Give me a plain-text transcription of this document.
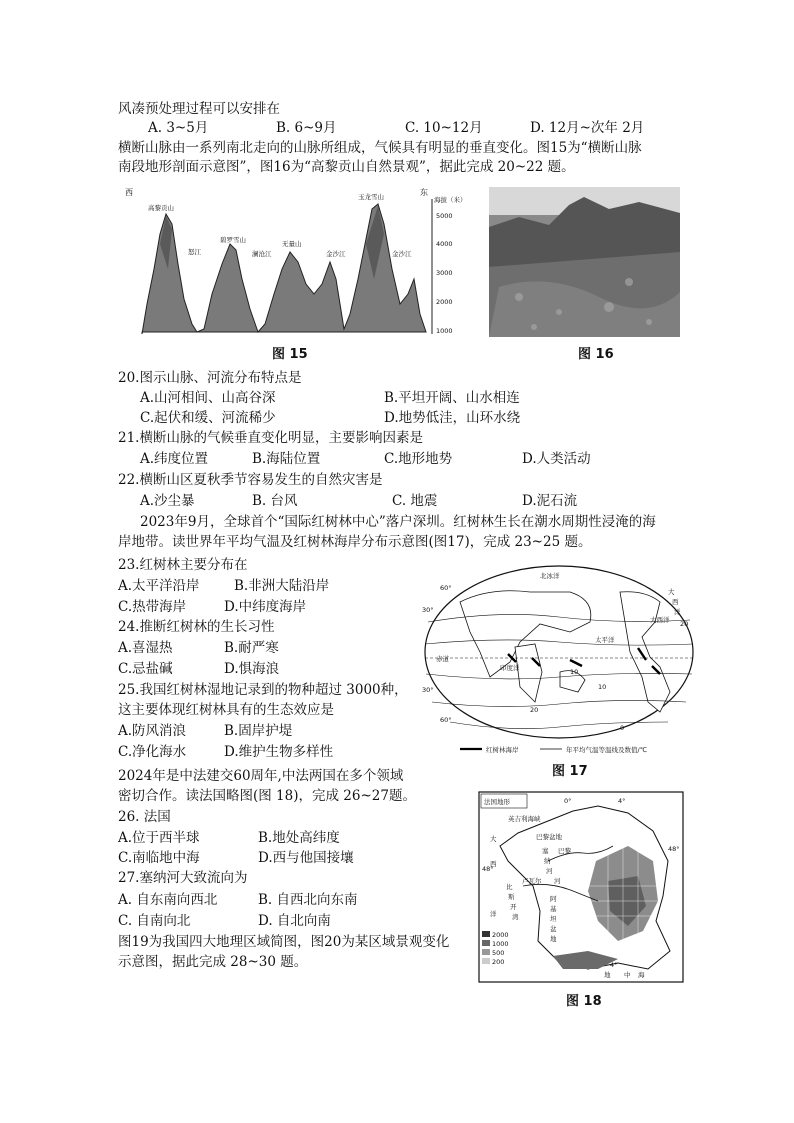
风凑预处理过程可以安排在
A. 3~5月	B. 6~9月	C. 10~12月	D. 12月~次年 2月
横断山脉由一系列南北走向的山脉所组成，气候具有明显的垂直变化。图15为“横断山脉
南段地形剖面示意图”，图16为“高黎贡山自然景观”，据此完成 20~22 题。
西	东
海拔（米）
5000
4000
3000
2000
1000
高黎贡山
碧罗雪山	无量山
玉龙雪山
怒江	澜沧江	金沙江	金沙江
图 15	图 16
20.图示山脉、河流分布特点是
A.山河相间、山高谷深	B.平坦开阔、山水相连
C.起伏和缓、河流稀少	D.地势低洼，山环水绕
21.横断山脉的气候垂直变化明显，主要影响因素是
A.纬度位置	B.海陆位置	C.地形地势	D.人类活动
22.横断山区夏秋季节容易发生的自然灾害是
A.沙尘暴	B. 台风	C. 地震	D.泥石流
2023年9月，全球首个“国际红树林中心”落户深圳。红树林生长在潮水周期性浸淹的海
岸地带。读世界年平均气温及红树林海岸分布示意图(图17)，完成 23~25 题。
23.红树林主要分布在
A.太平洋沿岸	B.非洲大陆沿岸
C.热带海岸	D.中纬度海岸
24.推断红树林的生长习性
A.喜湿热	B.耐严寒
C.忌盐碱	D.惧海浪
25.我国红树林湿地记录到的物种超过 3000种，
这主要体现红树林具有的生态效应是
A.防风消浪	B.固岸护堤
C.净化海水	D.维护生物多样性
北冰洋
太平洋
印度洋
大西洋
大
西
洋
赤道
60°
30°
30°
60°
20
10
10
20
0
红树林海岸	年平均气温等温线及数值/℃
图 17
2024年是中法建交60周年,中法两国在多个领域
密切合作。读法国略图(图 18)，完成 26~27题。
26. 法国
A.位于西半球	B.地处高纬度
C.南临地中海	D.西与他国接壤
27.塞纳河大致流向为
A. 自东南向西北	B. 自西北向东南
C. 自南向北	D. 自北向南
图19为我国四大地理区域简图，图20为某区域景观变化
示意图，据此完成 28~30 题。
法国地形
英吉利海峡
巴黎盆地
巴黎
塞
纳
河
卢瓦尔 河
比
斯
开
湾
阿
基
坦
盆
地
大
西
洋
地 中 海
2000
1000
500
200
0°	4°
48°
48°
4°
图 18
